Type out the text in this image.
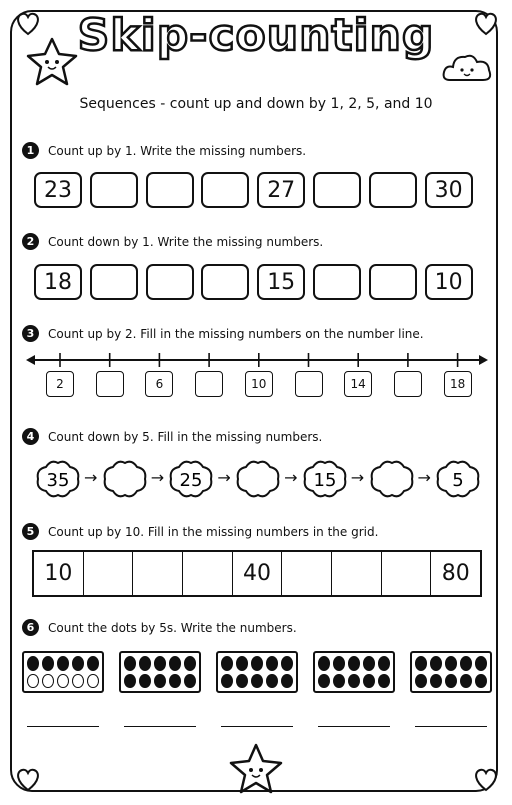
Skip-counting
Sequences - count up and down by 1, 2, 5, and 10
1	Count up by 1. Write the missing numbers.
23	27	30
2	Count down by 1. Write the missing numbers.
18	15	10
3	Count up by 2. Fill in the missing numbers on the number line.
2	6	10	14	18
4	Count down by 5. Fill in the missing numbers.
35 →	→ 25 →	→ 15 →	→ 5
5	Count up by 10. Fill in the missing numbers in the grid.
10	40	80
6	Count the dots by 5s. Write the numbers.
